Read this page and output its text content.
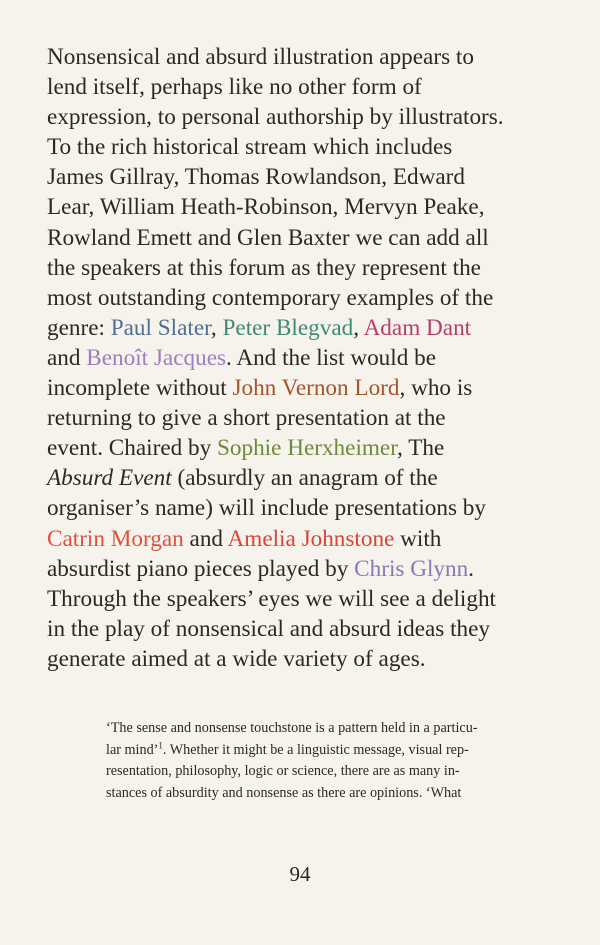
Nonsensical and absurd illustration appears to
lend itself, perhaps like no other form of
expression, to personal authorship by illustrators.
To the rich historical stream which includes
James Gillray, Thomas Rowlandson, Edward
Lear, William Heath-Robinson, Mervyn Peake,
Rowland Emett and Glen Baxter we can add all
the speakers at this forum as they represent the
most outstanding contemporary examples of the
genre: Paul Slater, Peter Blegvad, Adam Dant
and Benoît Jacques. And the list would be
incomplete without John Vernon Lord, who is
returning to give a short presentation at the
event. Chaired by Sophie Herxheimer, The
Absurd Event (absurdly an anagram of the
organiser’s name) will include presentations by
Catrin Morgan and Amelia Johnstone with
absurdist piano pieces played by Chris Glynn.
Through the speakers’ eyes we will see a delight
in the play of nonsensical and absurd ideas they
generate aimed at a wide variety of ages.

‘The sense and nonsense touchstone is a pattern held in a particu-
lar mind’$^1$. Whether it might be a linguistic message, visual rep-
resentation, philosophy, logic or science, there are as many in-
stances of absurdity and nonsense as there are opinions. ‘What

94
